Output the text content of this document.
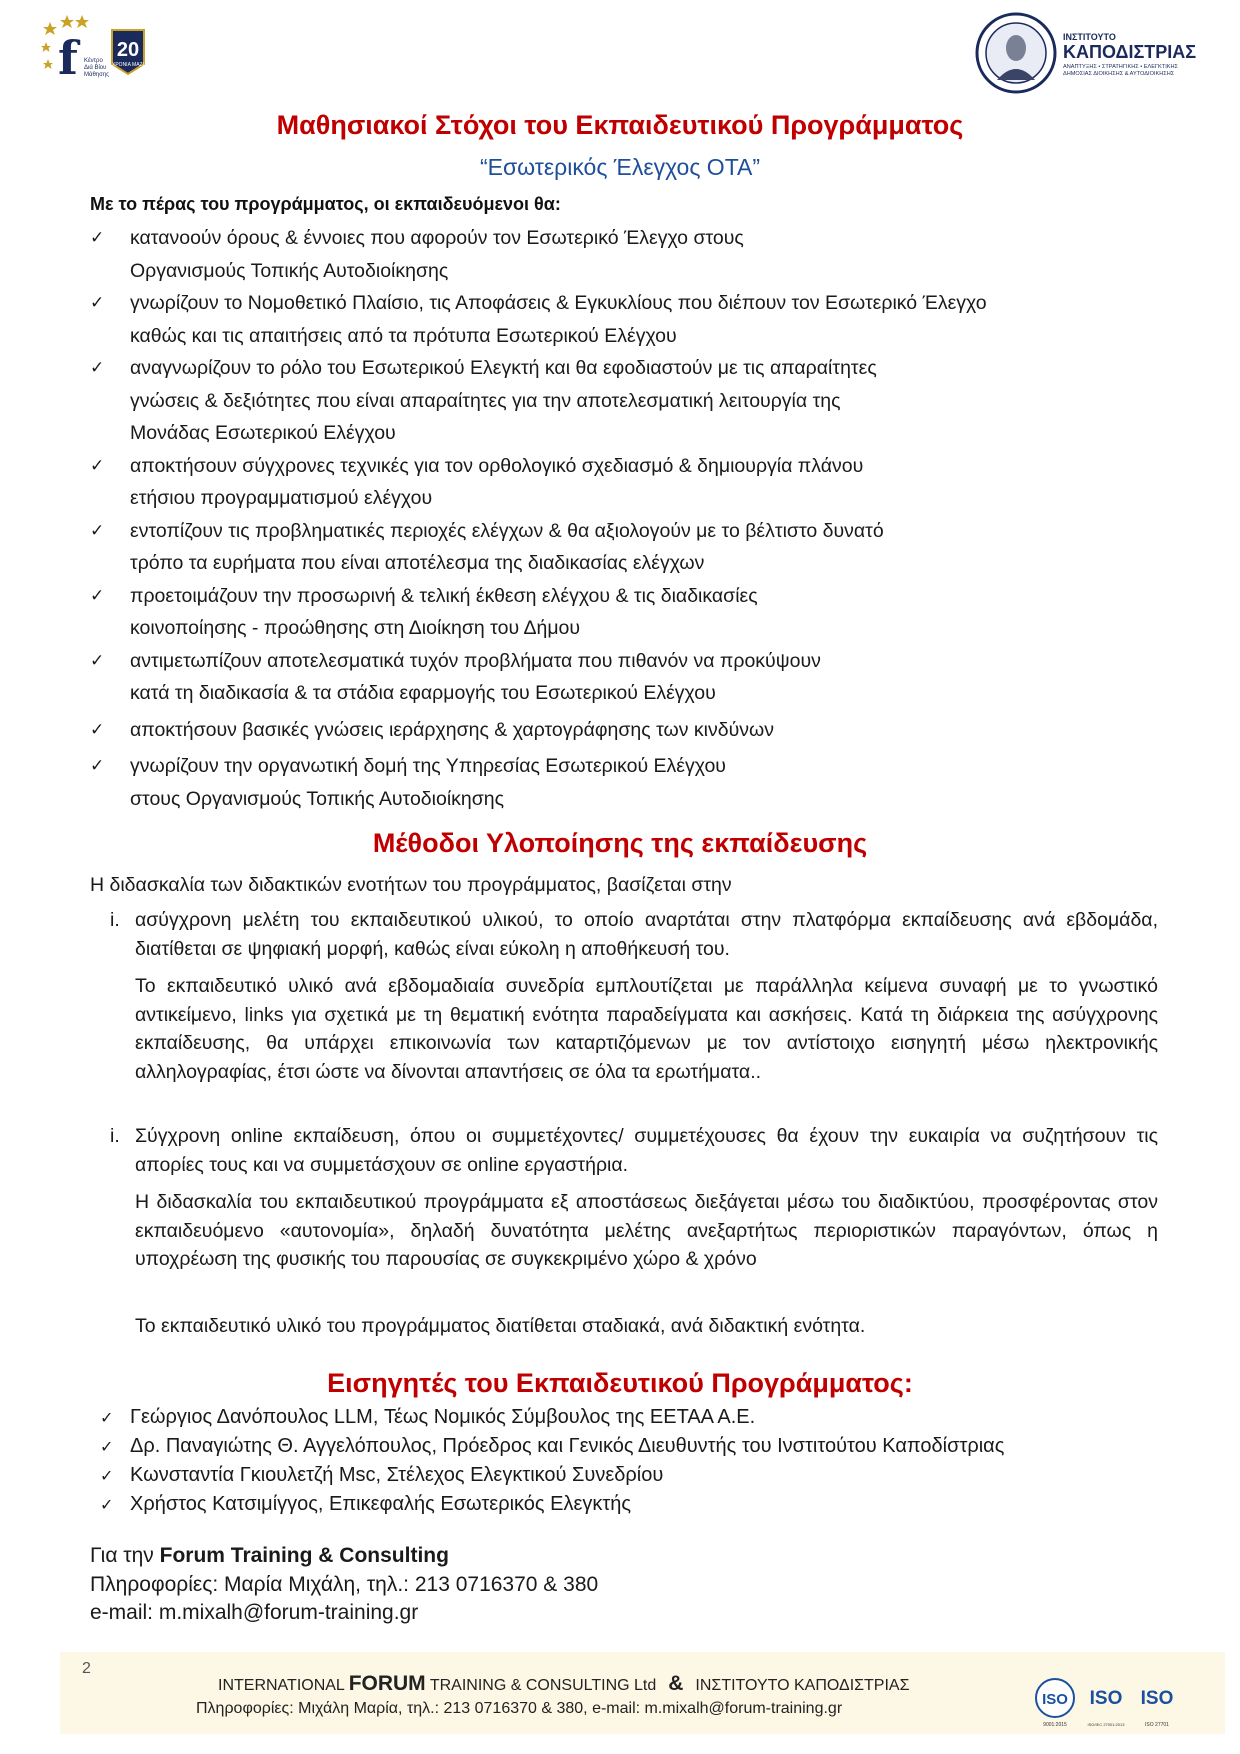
f	Κέντρο
Διά Βίου
Μάθησης
20
ΧΡΟΝΙΑ ΜΑΖΙ
ΙΝΣΤΙΤΟΥΤΟ
ΚΑΠΟΔΙΣΤΡΙΑΣ
ΑΝΑΠΤΥΞΗΣ • ΣΤΡΑΤΗΓΙΚΗΣ • ΕΛΕΓΚΤΙΚΗΣ
ΔΗΜΟΣΙΑΣ ΔΙΟΙΚΗΣΗΣ & ΑΥΤΟΔΙΟΙΚΗΣΗΣ
Μαθησιακοί Στόχοι του Εκπαιδευτικού Προγράμματος
“Εσωτερικός Έλεγχος ΟΤΑ”
Με το πέρας του προγράμματος, οι εκπαιδευόμενοι θα:
✓ κατανοούν όρους & έννοιες που αφορούν τον Εσωτερικό Έλεγχο στους
Οργανισμούς Τοπικής Αυτοδιοίκησης
✓ γνωρίζουν το Νομοθετικό Πλαίσιο, τις Αποφάσεις & Εγκυκλίους που διέπουν τον Εσωτερικό Έλεγχο
καθώς και τις απαιτήσεις από τα πρότυπα Εσωτερικού Ελέγχου
✓ αναγνωρίζουν το ρόλο του Εσωτερικού Ελεγκτή και θα εφοδιαστούν με τις απαραίτητες
γνώσεις & δεξιότητες που είναι απαραίτητες για την αποτελεσματική λειτουργία της
Μονάδας Εσωτερικού Ελέγχου
✓ αποκτήσουν σύγχρονες τεχνικές για τον ορθολογικό σχεδιασμό & δημιουργία πλάνου
ετήσιου προγραμματισμού ελέγχου
✓ εντοπίζουν τις προβληματικές περιοχές ελέγχων & θα αξιολογούν με το βέλτιστο δυνατό
τρόπο τα ευρήματα που είναι αποτέλεσμα της διαδικασίας ελέγχων
✓ προετοιμάζουν την προσωρινή & τελική έκθεση ελέγχου & τις διαδικασίες
κοινοποίησης - προώθησης στη Διοίκηση του Δήμου
✓ αντιμετωπίζουν αποτελεσματικά τυχόν προβλήματα που πιθανόν να προκύψουν
κατά τη διαδικασία & τα στάδια εφαρμογής του Εσωτερικού Ελέγχου
✓ αποκτήσουν βασικές γνώσεις ιεράρχησης & χαρτογράφησης των κινδύνων
✓ γνωρίζουν την οργανωτική δομή της Υπηρεσίας Εσωτερικού Ελέγχου
στους Οργανισμούς Τοπικής Αυτοδιοίκησης
Μέθοδοι Υλοποίησης της εκπαίδευσης
Η διδασκαλία των διδακτικών ενοτήτων του προγράμματος, βασίζεται στην
i. ασύγχρονη μελέτη του εκπαιδευτικού υλικού, το οποίο αναρτάται στην πλατφόρμα εκπαίδευσης ανά εβδομάδα, διατίθεται σε ψηφιακή μορφή, καθώς είναι εύκολη η αποθήκευσή του.
Το εκπαιδευτικό υλικό ανά εβδομαδιαία συνεδρία εμπλουτίζεται με παράλληλα κείμενα συναφή με το γνωστικό αντικείμενο, links για σχετικά με τη θεματική ενότητα παραδείγματα και ασκήσεις. Κατά τη διάρκεια της ασύγχρονης εκπαίδευσης, θα υπάρχει επικοινωνία των καταρτιζόμενων με τον αντίστοιχο εισηγητή μέσω ηλεκτρονικής αλληλογραφίας, έτσι ώστε να δίνονται απαντήσεις σε όλα τα ερωτήματα..
i. Σύγχρονη online εκπαίδευση, όπου οι συμμετέχοντες/ συμμετέχουσες θα έχουν την ευκαιρία να συζητήσουν τις απορίες τους και να συμμετάσχουν σε online εργαστήρια.
Η διδασκαλία του εκπαιδευτικού προγράμματα εξ αποστάσεως διεξάγεται μέσω του διαδικτύου, προσφέροντας στον εκπαιδευόμενο «αυτονομία», δηλαδή δυνατότητα μελέτης ανεξαρτήτως περιοριστικών παραγόντων, όπως η υποχρέωση της φυσικής του παρουσίας σε συγκεκριμένο χώρο & χρόνο
Το εκπαιδευτικό υλικό του προγράμματος διατίθεται σταδιακά, ανά διδακτική ενότητα.
Εισηγητές του Εκπαιδευτικού Προγράμματος:
✓ Γεώργιος Δανόπουλος LLM, Τέως Νομικός Σύμβουλος της ΕΕΤΑΑ Α.Ε.
✓ Δρ. Παναγιώτης Θ. Αγγελόπουλος, Πρόεδρος και Γενικός Διευθυντής του Ινστιτούτου Καποδίστριας
✓ Κωνσταντία Γκιουλετζή Msc, Στέλεχος Ελεγκτικού Συνεδρίου
✓ Χρήστος Κατσιμίγγος, Επικεφαλής Εσωτερικός Ελεγκτής
Για την Forum Training & Consulting
Πληροφορίες: Μαρία Μιχάλη, τηλ.: 213 0716370 & 380
e-mail: m.mixalh@forum-training.gr
2
INTERNATIONAL FORUM TRAINING & CONSULTING Ltd & ΙΝΣΤΙΤΟΥΤΟ ΚΑΠΟΔΙΣΤΡΙΑΣ
Πληροφορίες: Μιχάλη Μαρία, τηλ.: 213 0716370 & 380, e-mail: m.mixalh@forum-training.gr
ISO
9001:2015
ISO
ISO/IEC 27001:2013
ISO
ISO 27701
